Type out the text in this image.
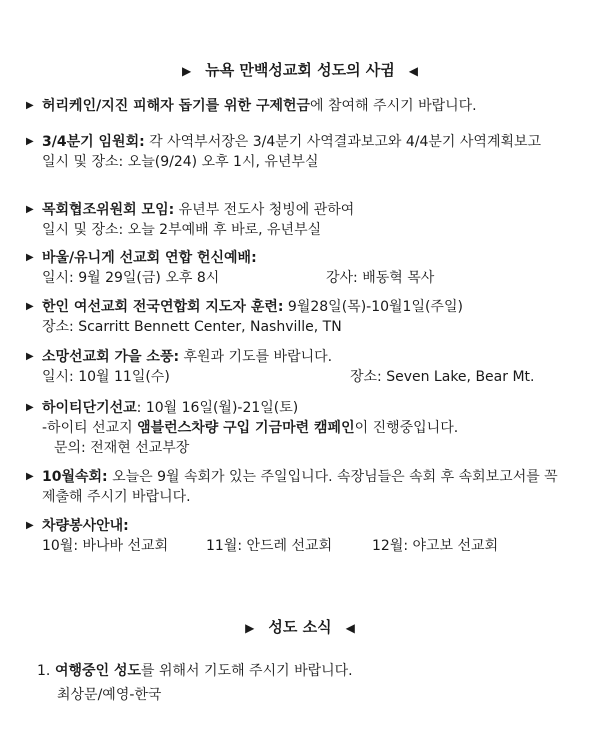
▶ 뉴욕 만백성교회 성도의 사귐 ◀
▶ 허리케인/지진 피해자 돕기를 위한 구제헌금에 참여해 주시기 바랍니다.
▶ 3/4분기 임원회: 각 사역부서장은 3/4분기 사역결과보고와 4/4분기 사역계획보고
일시 및 장소: 오늘(9/24) 오후 1시, 유년부실
▶ 목회협조위원회 모임: 유년부 전도사 청빙에 관하여
일시 및 장소: 오늘 2부예배 후 바로, 유년부실
▶ 바울/유니게 선교회 연합 헌신예배:
일시: 9월 29일(금) 오후 8시	강사: 배동혁 목사
▶ 한인 여선교회 전국연합회 지도자 훈련: 9월28일(목)-10월1일(주일)
장소: Scarritt Bennett Center, Nashville, TN
▶ 소망선교회 가을 소풍: 후원과 기도를 바랍니다.
일시: 10월 11일(수)	장소: Seven Lake, Bear Mt.
▶ 하이티단기선교: 10월 16일(월)-21일(토)
-하이티 선교지 앰블런스차량 구입 기금마련 캠페인이 진행중입니다.
문의: 전재현 선교부장
▶ 10월속회: 오늘은 9월 속회가 있는 주일입니다. 속장님들은 속회 후 속회보고서를 꼭 제출해 주시기 바랍니다.
▶ 차량봉사안내:
10월: 바나바 선교회	11월: 안드레 선교회	12월: 야고보 선교회
▶ 성도 소식 ◀
1. 여행중인 성도를 위해서 기도해 주시기 바랍니다.
최상문/예영-한국
